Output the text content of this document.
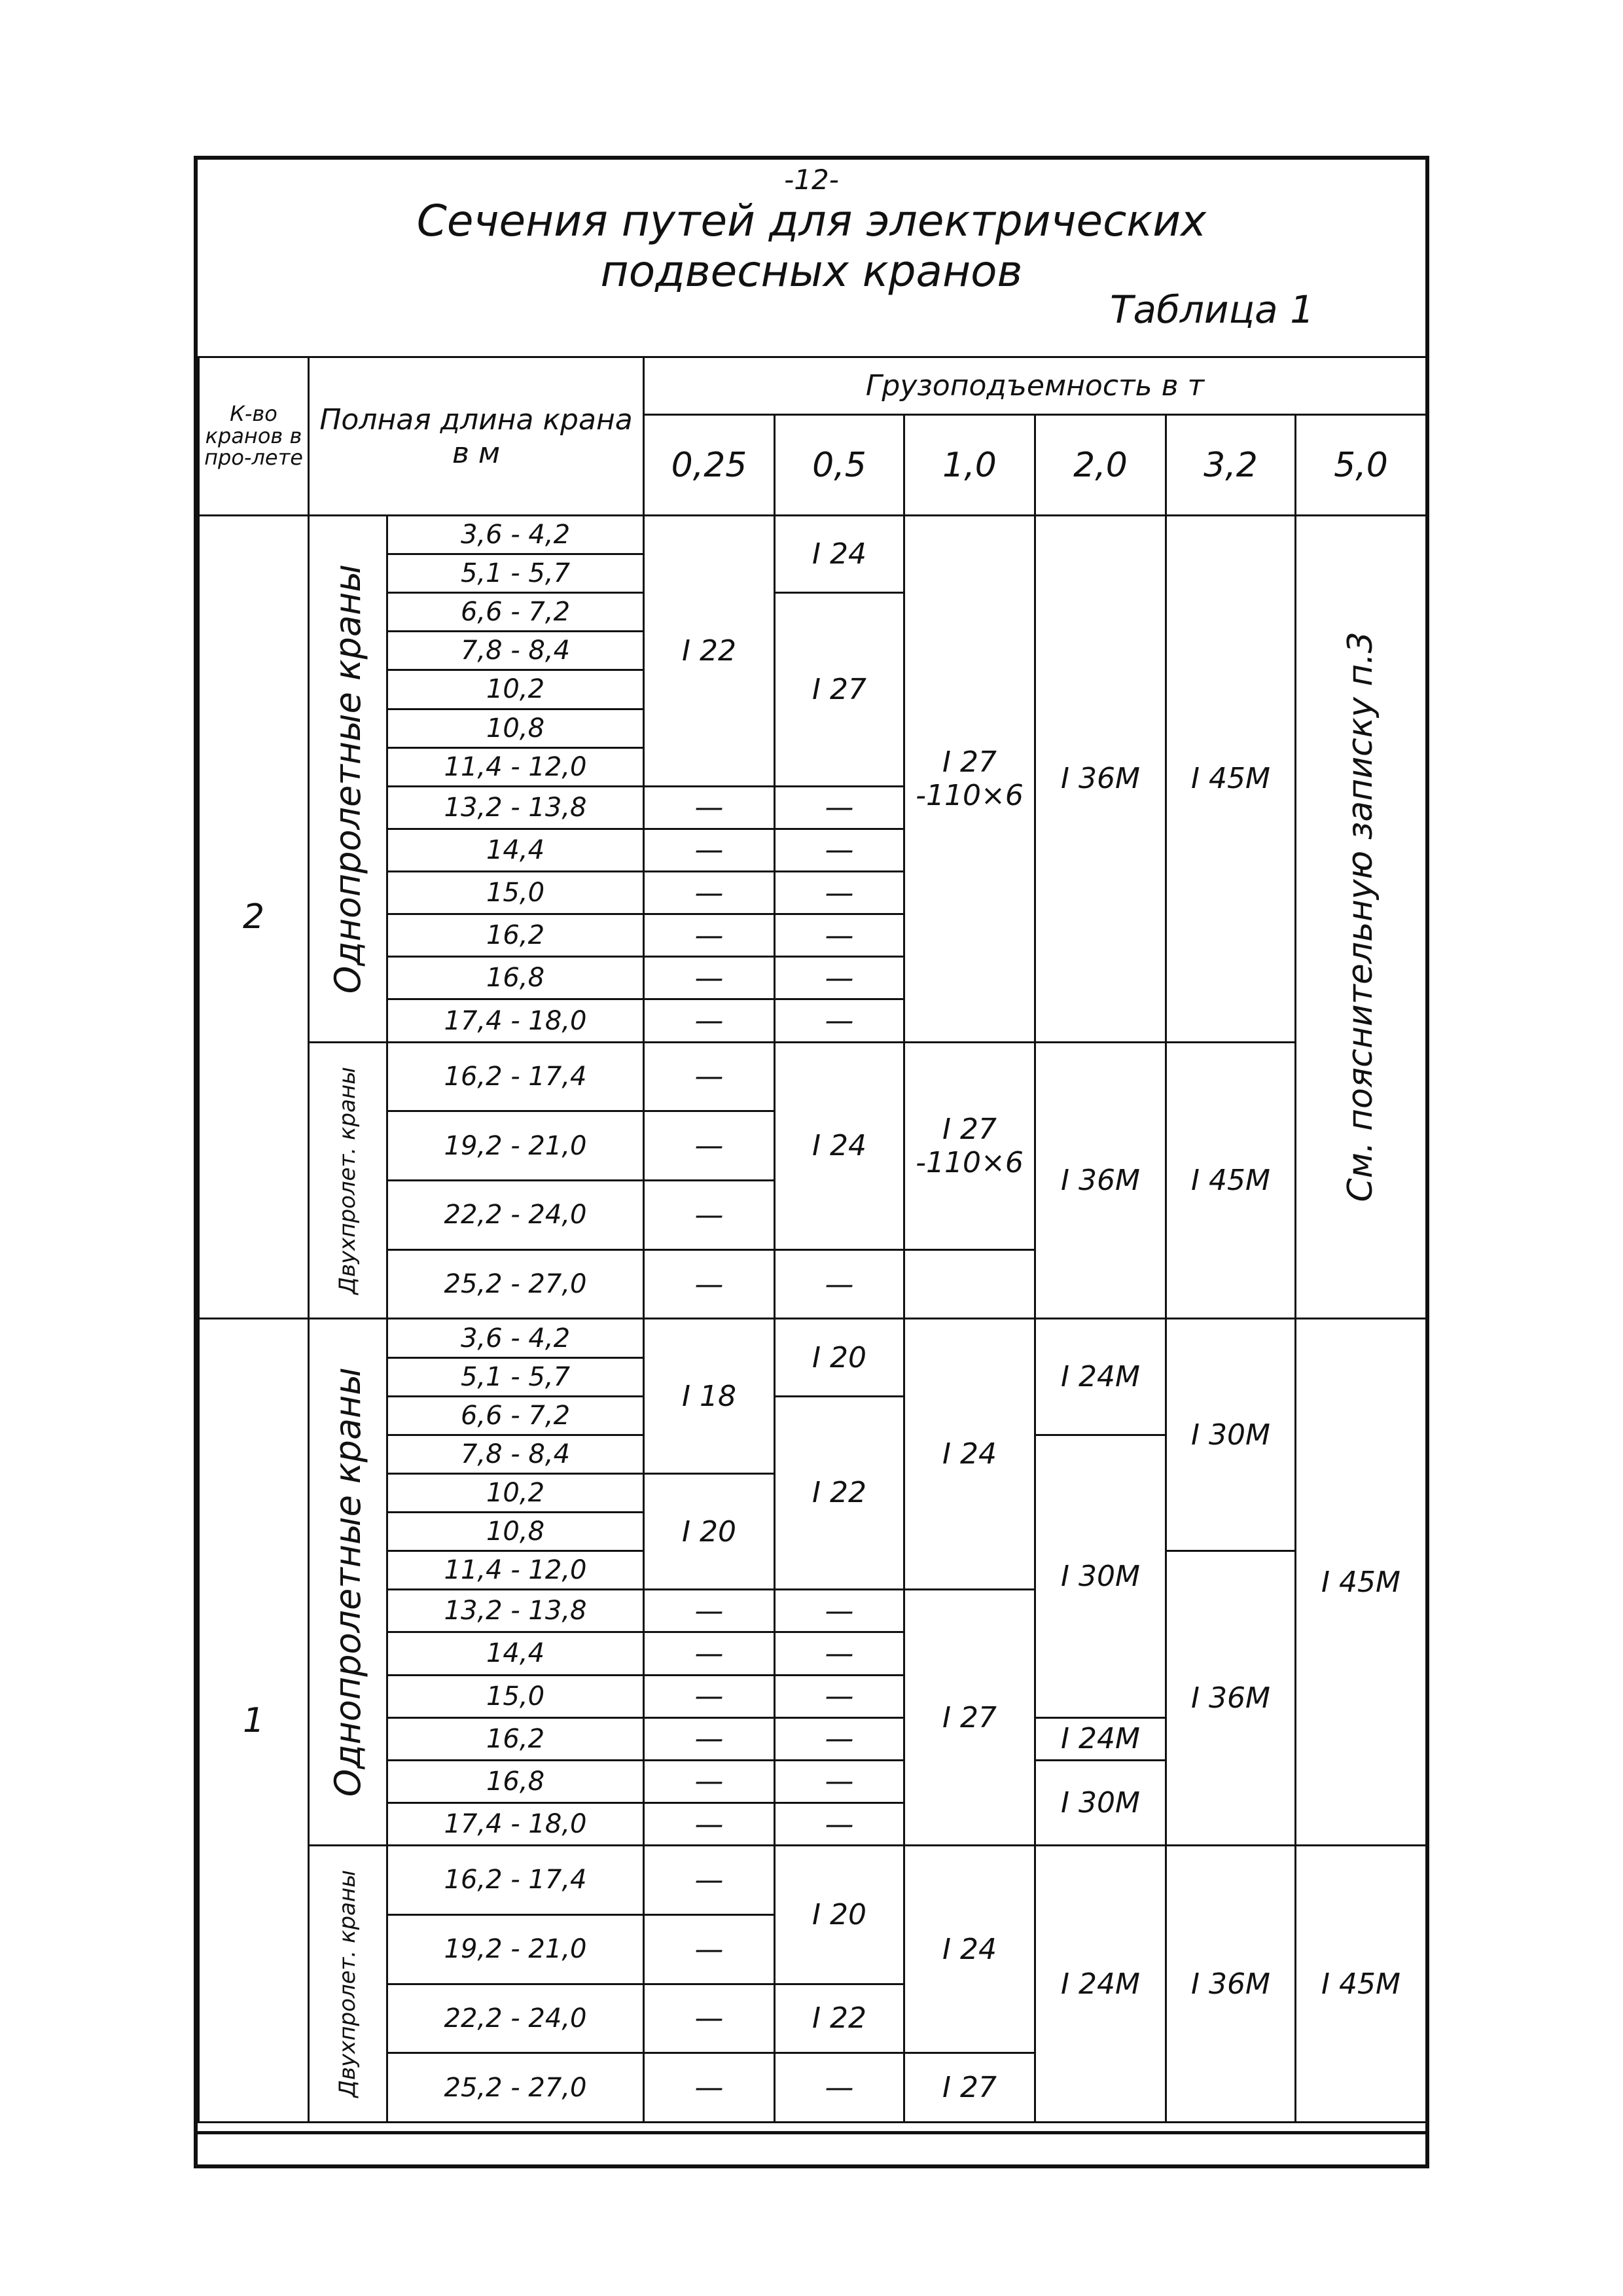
-12-
Сечения путей для электрических
подвесных кранов
Таблица 1
К-во кранов в про-лете	Полная длина крана в м		Грузоподъемность в т					
			0,25	0,5	1,0	2,0	3,2	5,0
2	Однопролетные краны	3,6 - 4,2	I 22	I 24	I 27 -110×6	I 36M	I 45M	См. пояснительную записку п.3

		5,1 - 5,7						
		6,6 - 7,2		I 27				
		7,8 - 8,4						
		10,2						
		10,8						
		11,4 - 12,0						
		13,2 - 13,8	—	—				
		14,4	—	—				
		15,0	—	—				
		16,2	—	—				
		16,8	—	—				
		17,4 - 18,0	—	—				

	Двухпролет. краны	16,2 - 17,4	—	I 24	I 27 -110×6	I 36M	I 45M	
		19,2 - 21,0	—					
		22,2 - 24,0	—					
		25,2 - 27,0	—	—				
1	Однопролетные краны	3,6 - 4,2	I 18	I 20	I 24	I 24M	I 30M	I 45M
		5,1 - 5,7						
		6,6 - 7,2		I 22				
		7,8 - 8,4				I 30M		
		10,2	I 20					
		10,8						
		11,4 - 12,0					I 36M	
		13,2 - 13,8	—	—	I 27			
		14,4	—	—				
		15,0	—	—				
		16,2	—	—		I 24M		
		16,8	—	—		I 30M		
		17,4 - 18,0	—	—				

	Двухпролет. краны	16,2 - 17,4	—	I 20	I 24	I 24M	I 36M	I 45M
		19,2 - 21,0	—					
		22,2 - 24,0	—	I 22				
		25,2 - 27,0	—	—	I 27			
